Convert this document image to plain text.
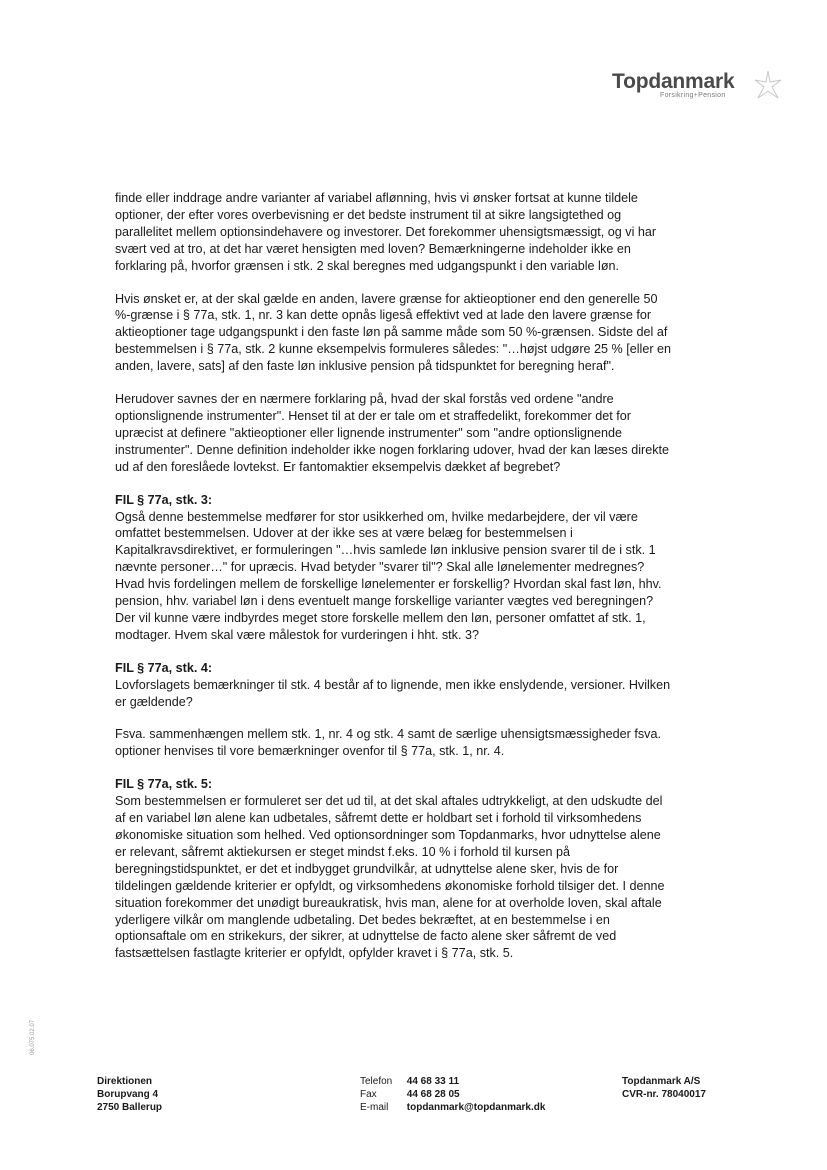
Topdanmark
Forsikring+Pension

finde eller inddrage andre varianter af variabel aflønning, hvis vi ønsker fortsat at kunne tildele optioner, der efter vores overbevisning er det bedste instrument til at sikre langsigtethed og parallelitet mellem optionsindehavere og investorer. Det forekommer uhensigtsmæssigt, og vi har svært ved at tro, at det har været hensigten med loven? Bemærkningerne indeholder ikke en forklaring på, hvorfor grænsen i stk. 2 skal beregnes med udgangspunkt i den variable løn.

Hvis ønsket er, at der skal gælde en anden, lavere grænse for aktieoptioner end den generelle 50 %-grænse i § 77a, stk. 1, nr. 3 kan dette opnås ligeså effektivt ved at lade den lavere grænse for aktieoptioner tage udgangspunkt i den faste løn på samme måde som 50 %-grænsen. Sidste del af bestemmelsen i § 77a, stk. 2 kunne eksempelvis formuleres således: "…højst udgøre 25 % [eller en anden, lavere, sats] af den faste løn inklusive pension på tidspunktet for beregning heraf".

Herudover savnes der en nærmere forklaring på, hvad der skal forstås ved ordene "andre optionslignende instrumenter". Henset til at der er tale om et straffedelikt, forekommer det for upræcist at definere "aktieoptioner eller lignende instrumenter" som "andre optionslignende instrumenter". Denne definition indeholder ikke nogen forklaring udover, hvad der kan læses direkte ud af den foreslåede lovtekst. Er fantomaktier eksempelvis dækket af begrebet?

FIL § 77a, stk. 3:

Også denne bestemmelse medfører for stor usikkerhed om, hvilke medarbejdere, der vil være omfattet bestemmelsen. Udover at der ikke ses at være belæg for bestemmelsen i Kapitalkravsdirektivet, er formuleringen "…hvis samlede løn inklusive pension svarer til de i stk. 1 nævnte personer…" for upræcis. Hvad betyder "svarer til"? Skal alle lønelementer medregnes? Hvad hvis fordelingen mellem de forskellige lønelementer er forskellig? Hvordan skal fast løn, hhv. pension, hhv. variabel løn i dens eventuelt mange forskellige varianter vægtes ved beregningen? Der vil kunne være indbyrdes meget store forskelle mellem den løn, personer omfattet af stk. 1, modtager. Hvem skal være målestok for vurderingen i hht. stk. 3?

FIL § 77a, stk. 4:

Lovforslagets bemærkninger til stk. 4 består af to lignende, men ikke enslydende, versioner. Hvilken er gældende?

Fsva. sammenhængen mellem stk. 1, nr. 4 og stk. 4 samt de særlige uhensigtsmæssigheder fsva. optioner henvises til vore bemærkninger ovenfor til § 77a, stk. 1, nr. 4.

FIL § 77a, stk. 5:

Som bestemmelsen er formuleret ser det ud til, at det skal aftales udtrykkeligt, at den udskudte del af en variabel løn alene kan udbetales, såfremt dette er holdbart set i forhold til virksomhedens økonomiske situation som helhed. Ved optionsordninger som Topdanmarks, hvor udnyttelse alene er relevant, såfremt aktiekursen er steget mindst f.eks. 10 % i forhold til kursen på beregningstidspunktet, er det et indbygget grundvilkår, at udnyttelse alene sker, hvis de for tildelingen gældende kriterier er opfyldt, og virksomhedens økonomiske forhold tilsiger det. I denne situation forekommer det unødigt bureaukratisk, hvis man, alene for at overholde loven, skal aftale yderligere vilkår om manglende udbetaling. Det bedes bekræftet, at en bestemmelse i en optionsaftale om en strikekurs, der sikrer, at udnyttelse de facto alene sker såfremt de ved fastsættelsen fastlagte kriterier er opfyldt, opfylder kravet i § 77a, stk. 5.

06.075.02.07
Direktionen
Borupvang 4
2750 Ballerup
Telefon 44 68 33 11
Fax	44 68 28 05
E-mail topdanmark@topdanmark.dk
Topdanmark A/S
CVR-nr. 78040017
